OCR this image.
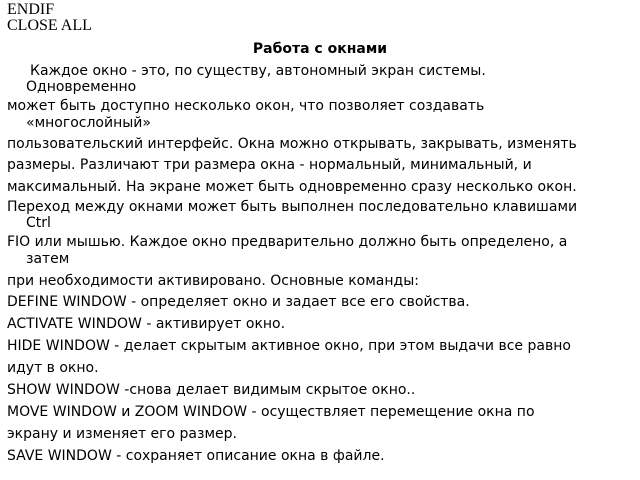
ENDIF
CLOSE ALL
Работа с окнами
Каждое окно - это, по существу, автономный экран системы.
Одновременно
может быть доступно несколько окон, что позволяет создавать
«многослойный»
пользовательский интерфейс. Окна можно открывать, закрывать, изменять
размеры. Различают три размера окна - нормальный, минимальный, и
максимальный. На экране может быть одновременно сразу несколько окон.
Переход между окнами может быть выполнен последовательно клавишами
Ctrl
FIO или мышью. Каждое окно предварительно должно быть определено, а
затем
при необходимости активировано. Основные команды:
DEFINE WINDOW - определяет окно и задает все его свойства.
ACTIVATE WINDOW - активирует окно.
HIDE WINDOW - делает скрытым активное окно, при этом выдачи все равно
идут в окно.
SHOW WINDOW -снова делает видимым скрытое окно..
MOVE WINDOW и ZOOM WINDOW - осуществляет перемещение окна по
экрану и изменяет его размер.
SAVE WINDOW - сохраняет описание окна в файле.
